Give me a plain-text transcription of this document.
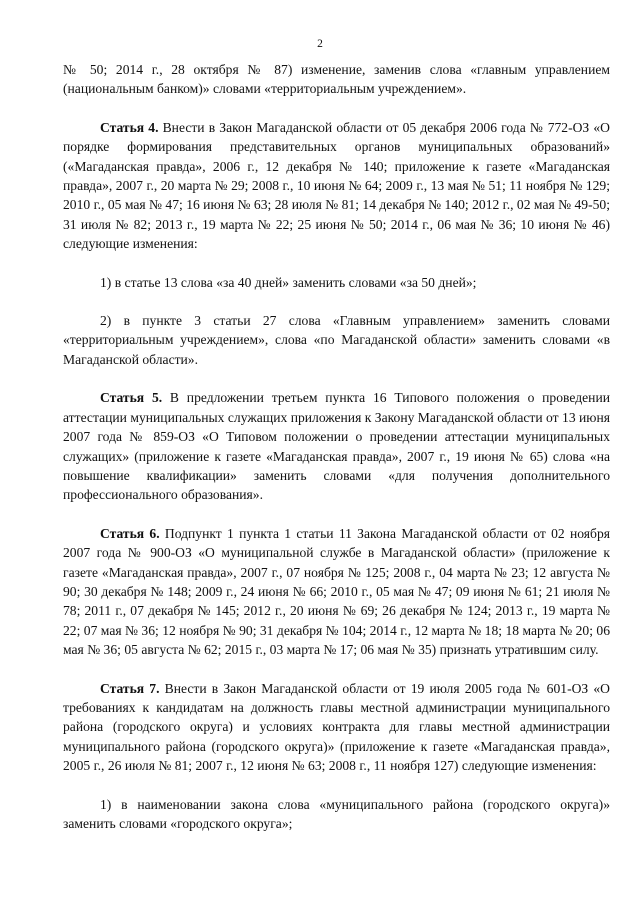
2

№ 50; 2014 г., 28 октября № 87) изменение, заменив слова «главным управлением (национальным банком)» словами «территориальным учреждением».

Статья 4. Внести в Закон Магаданской области от 05 декабря 2006 года № 772-ОЗ «О порядке формирования представительных органов муниципальных образований» («Магаданская правда», 2006 г., 12 декабря № 140; приложение к газете «Магаданская правда», 2007 г., 20 марта № 29; 2008 г., 10 июня № 64; 2009 г., 13 мая № 51; 11 ноября № 129; 2010 г., 05 мая № 47; 16 июня № 63; 28 июля № 81; 14 декабря № 140; 2012 г., 02 мая № 49-50; 31 июля № 82; 2013 г., 19 марта № 22; 25 июня № 50; 2014 г., 06 мая № 36; 10 июня № 46) следующие изменения:

1) в статье 13 слова «за 40 дней» заменить словами «за 50 дней»;

2) в пункте 3 статьи 27 слова «Главным управлением» заменить словами «территориальным учреждением», слова «по Магаданской области» заменить словами «в Магаданской области».

Статья 5. В предложении третьем пункта 16 Типового положения о проведении аттестации муниципальных служащих приложения к Закону Магаданской области от 13 июня 2007 года № 859-ОЗ «О Типовом положении о проведении аттестации муниципальных служащих» (приложение к газете «Магаданская правда», 2007 г., 19 июня № 65) слова «на повышение квалификации» заменить словами «для получения дополнительного профессионального образования».

Статья 6. Подпункт 1 пункта 1 статьи 11 Закона Магаданской области от 02 ноября 2007 года № 900-ОЗ «О муниципальной службе в Магаданской области» (приложение к газете «Магаданская правда», 2007 г., 07 ноября № 125; 2008 г., 04 марта № 23; 12 августа № 90; 30 декабря № 148; 2009 г., 24 июня № 66; 2010 г., 05 мая № 47; 09 июня № 61; 21 июля № 78; 2011 г., 07 декабря № 145; 2012 г., 20 июня № 69; 26 декабря № 124; 2013 г., 19 марта № 22; 07 мая № 36; 12 ноября № 90; 31 декабря № 104; 2014 г., 12 марта № 18; 18 марта № 20; 06 мая № 36; 05 августа № 62; 2015 г., 03 марта № 17; 06 мая № 35) признать утратившим силу.

Статья 7. Внести в Закон Магаданской области от 19 июля 2005 года № 601-ОЗ «О требованиях к кандидатам на должность главы местной администрации муниципального района (городского округа) и условиях контракта для главы местной администрации муниципального района (городского округа)» (приложение к газете «Магаданская правда», 2005 г., 26 июля № 81; 2007 г., 12 июня № 63; 2008 г., 11 ноября 127) следующие изменения:

1) в наименовании закона слова «муниципального района (городского округа)» заменить словами «городского округа»;
